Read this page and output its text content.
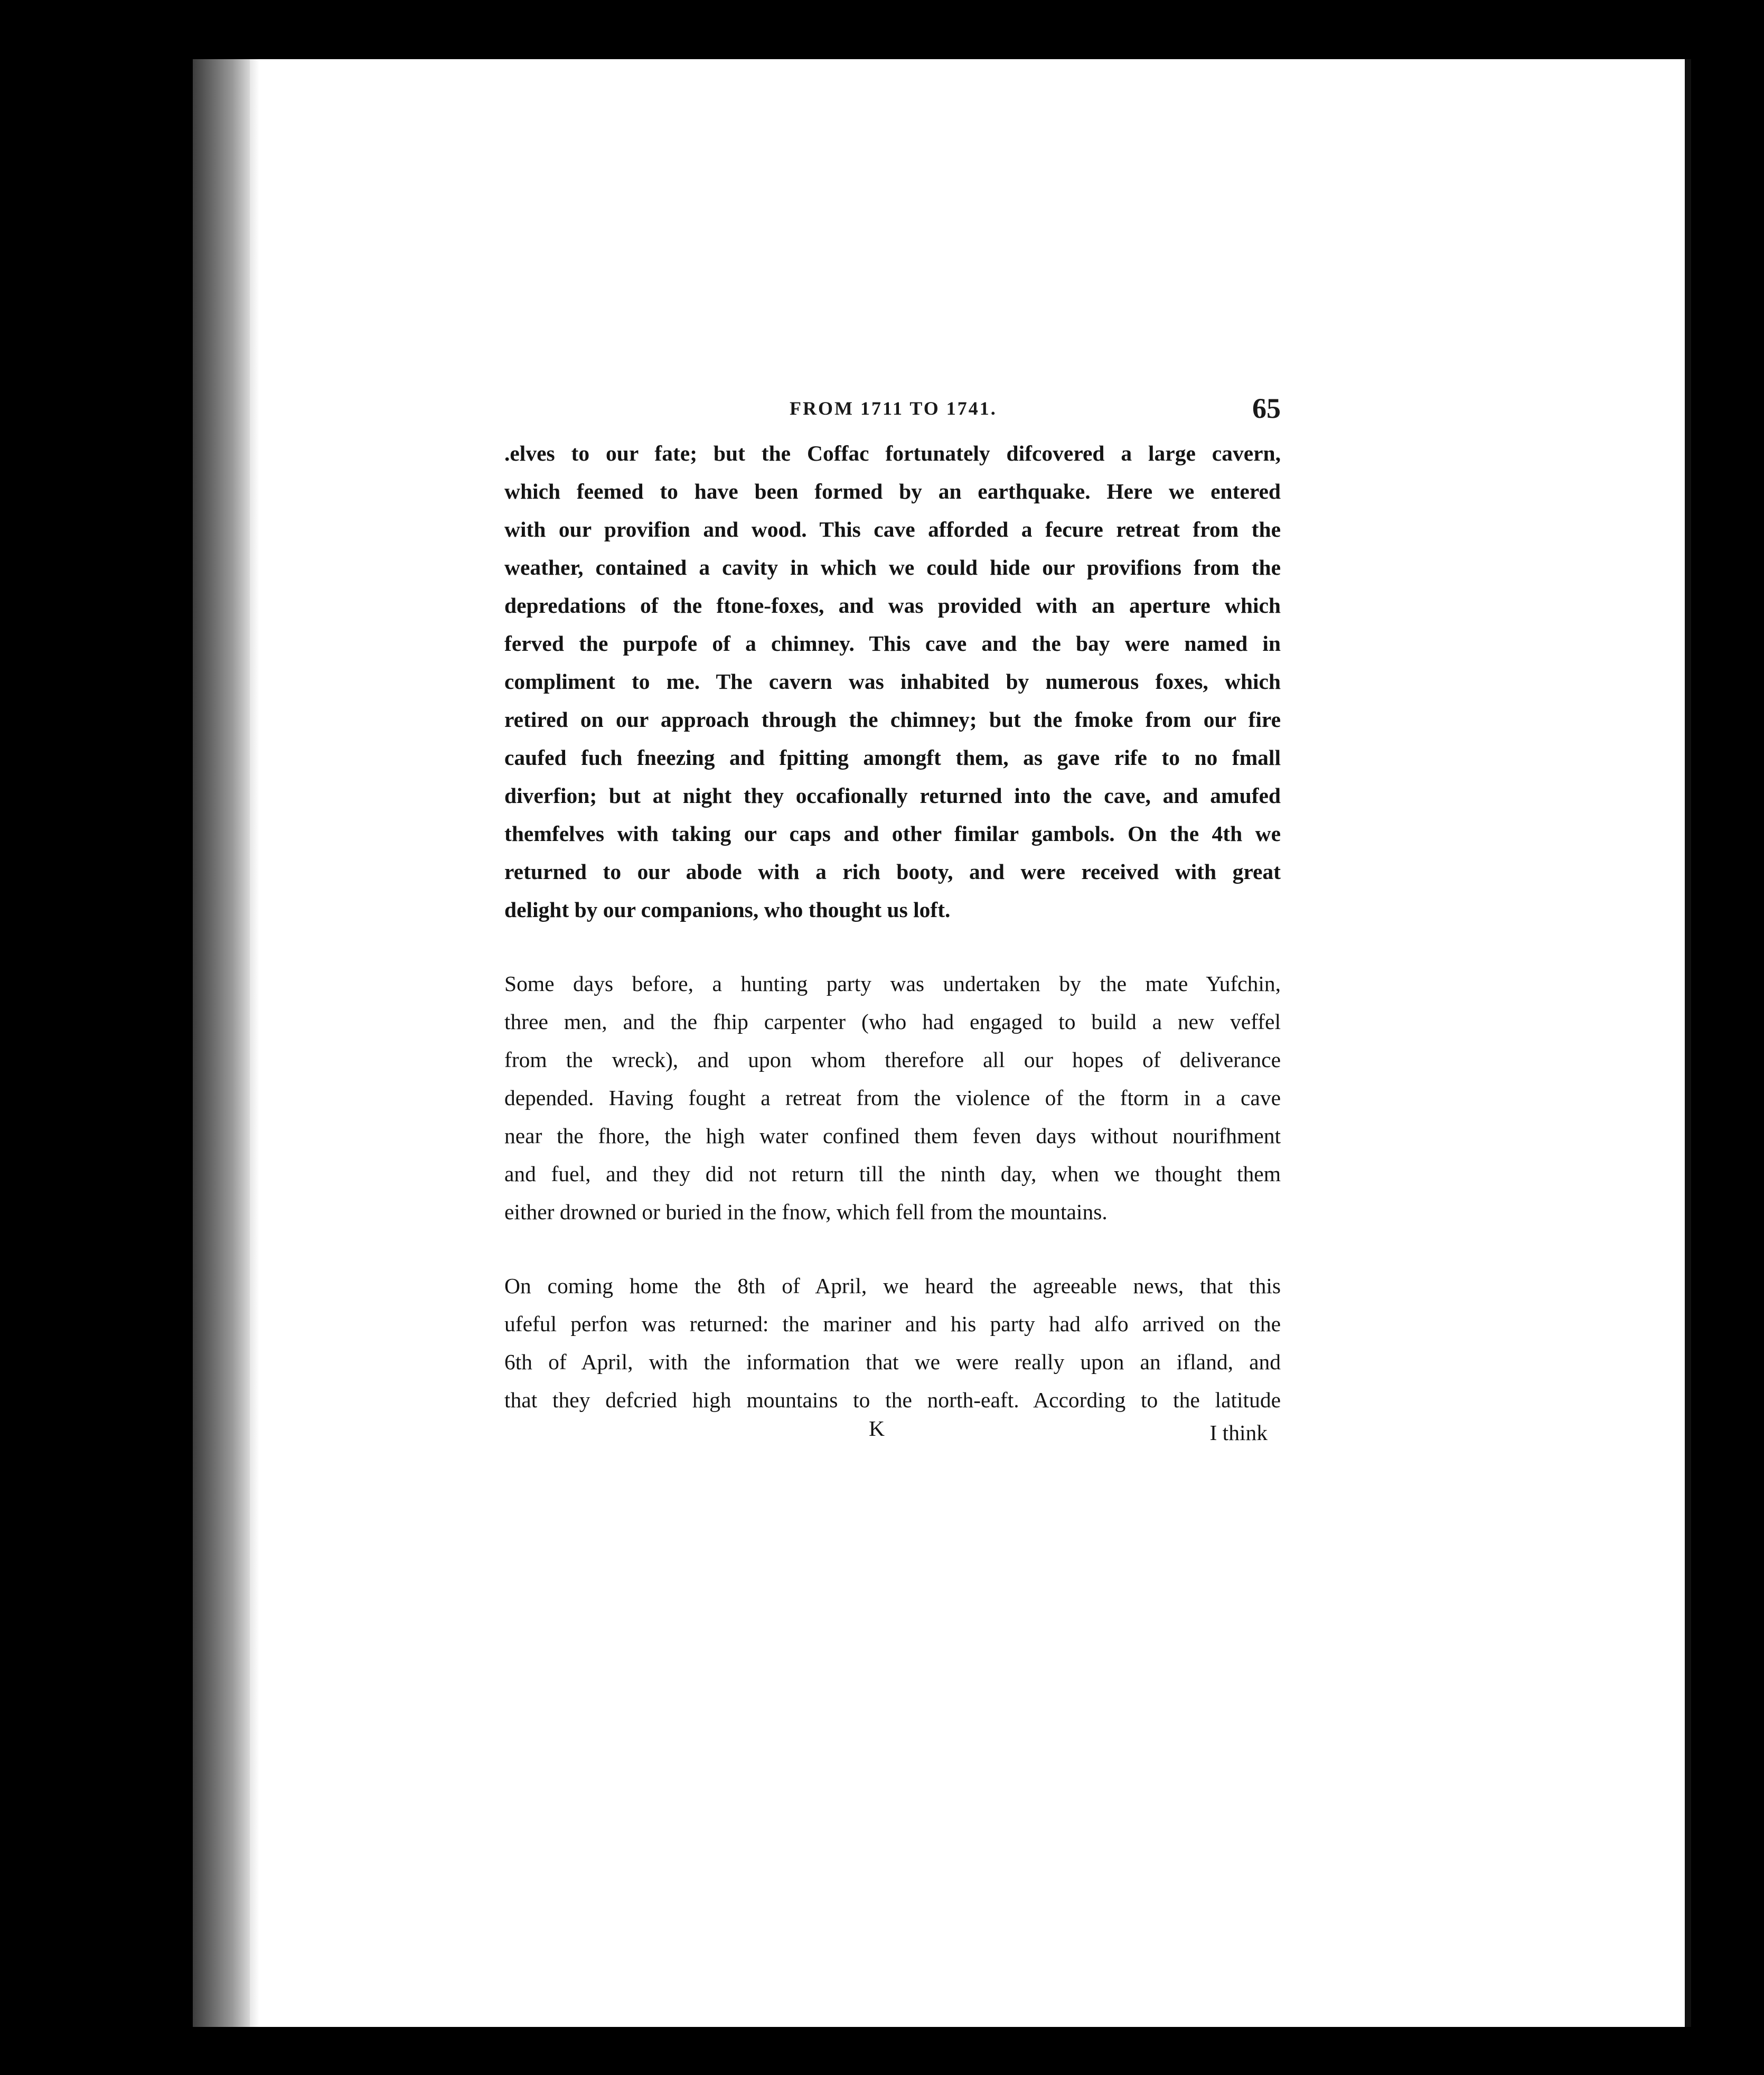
FROM 1711 TO 1741.	65

.elves to our fate; but the Coffac fortunately difcovered a large cavern,
which feemed to have been formed by an earthquake. Here we entered
with our provifion and wood. This cave afforded a fecure retreat from the
weather, contained a cavity in which we could hide our provifions from the
depredations of the ftone-foxes, and was provided with an aperture which
ferved the purpofe of a chimney. This cave and the bay were named in
compliment to me. The cavern was inhabited by numerous foxes, which
retired on our approach through the chimney; but the fmoke from our fire
caufed fuch fneezing and fpitting amongft them, as gave rife to no fmall
diverfion; but at night they occafionally returned into the cave, and amufed
themfelves with taking our caps and other fimilar gambols. On the 4th we
returned to our abode with a rich booty, and were received with great
delight by our companions, who thought us loft.

Some days before, a hunting party was undertaken by the mate Yufchin,
three men, and the fhip carpenter (who had engaged to build a new veffel
from the wreck), and upon whom therefore all our hopes of deliverance
depended. Having fought a retreat from the violence of the ftorm in a cave
near the fhore, the high water confined them feven days without nourifhment
and fuel, and they did not return till the ninth day, when we thought them
either drowned or buried in the fnow, which fell from the mountains.

On coming home the 8th of April, we heard the agreeable news, that this
ufeful perfon was returned: the mariner and his party had alfo arrived on the
6th of April, with the information that we were really upon an ifland, and
that they defcried high mountains to the north-eaft. According to the latitude

K	I think
